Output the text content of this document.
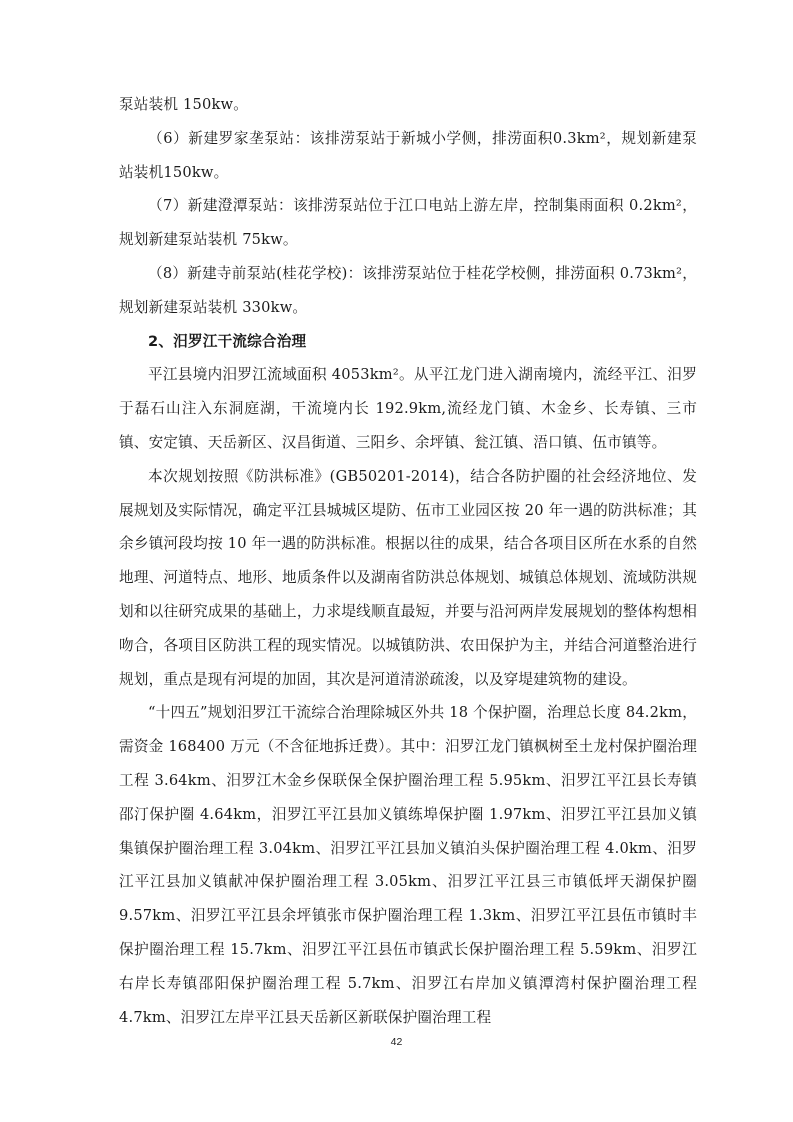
泵站装机 150kw。

（6）新建罗家垄泵站：该排涝泵站于新城小学侧，排涝面积0.3km²，规划新建泵站装机150kw。

（7）新建澄潭泵站：该排涝泵站位于江口电站上游左岸，控制集雨面积 0.2km²，规划新建泵站装机 75kw。

（8）新建寺前泵站(桂花学校)：该排涝泵站位于桂花学校侧，排涝面积 0.73km²，规划新建泵站装机 330kw。

2、汨罗江干流综合治理

平江县境内汨罗江流域面积 4053km²。从平江龙门进入湖南境内，流经平江、汨罗于磊石山注入东洞庭湖，干流境内长 192.9km,流经龙门镇、木金乡、长寿镇、三市镇、安定镇、天岳新区、汉昌街道、三阳乡、余坪镇、瓮江镇、浯口镇、伍市镇等。

本次规划按照《防洪标准》(GB50201-2014)，结合各防护圈的社会经济地位、发展规划及实际情况，确定平江县城城区堤防、伍市工业园区按 20 年一遇的防洪标准；其余乡镇河段均按 10 年一遇的防洪标准。根据以往的成果，结合各项目区所在水系的自然地理、河道特点、地形、地质条件以及湖南省防洪总体规划、城镇总体规划、流域防洪规划和以往研究成果的基础上，力求堤线顺直最短，并要与沿河两岸发展规划的整体构想相吻合，各项目区防洪工程的现实情况。以城镇防洪、农田保护为主，并结合河道整治进行规划，重点是现有河堤的加固，其次是河道清淤疏浚，以及穿堤建筑物的建设。

“十四五”规划汨罗江干流综合治理除城区外共 18 个保护圈，治理总长度 84.2km，需资金 168400 万元（不含征地拆迁费）。其中：汨罗江龙门镇枫树至土龙村保护圈治理工程 3.64km、汨罗江木金乡保联保全保护圈治理工程 5.95km、汨罗江平江县长寿镇邵汀保护圈 4.64km，汨罗江平江县加义镇练埠保护圈 1.97km、汨罗江平江县加义镇集镇保护圈治理工程 3.04km、汨罗江平江县加义镇泊头保护圈治理工程 4.0km、汨罗江平江县加义镇献冲保护圈治理工程 3.05km、汨罗江平江县三市镇低坪天湖保护圈 9.57km、汨罗江平江县余坪镇张市保护圈治理工程 1.3km、汨罗江平江县伍市镇时丰保护圈治理工程 15.7km、汨罗江平江县伍市镇武长保护圈治理工程 5.59km、汨罗江右岸长寿镇邵阳保护圈治理工程 5.7km、汨罗江右岸加义镇潭湾村保护圈治理工程 4.7km、汨罗江左岸平江县天岳新区新联保护圈治理工程

42
